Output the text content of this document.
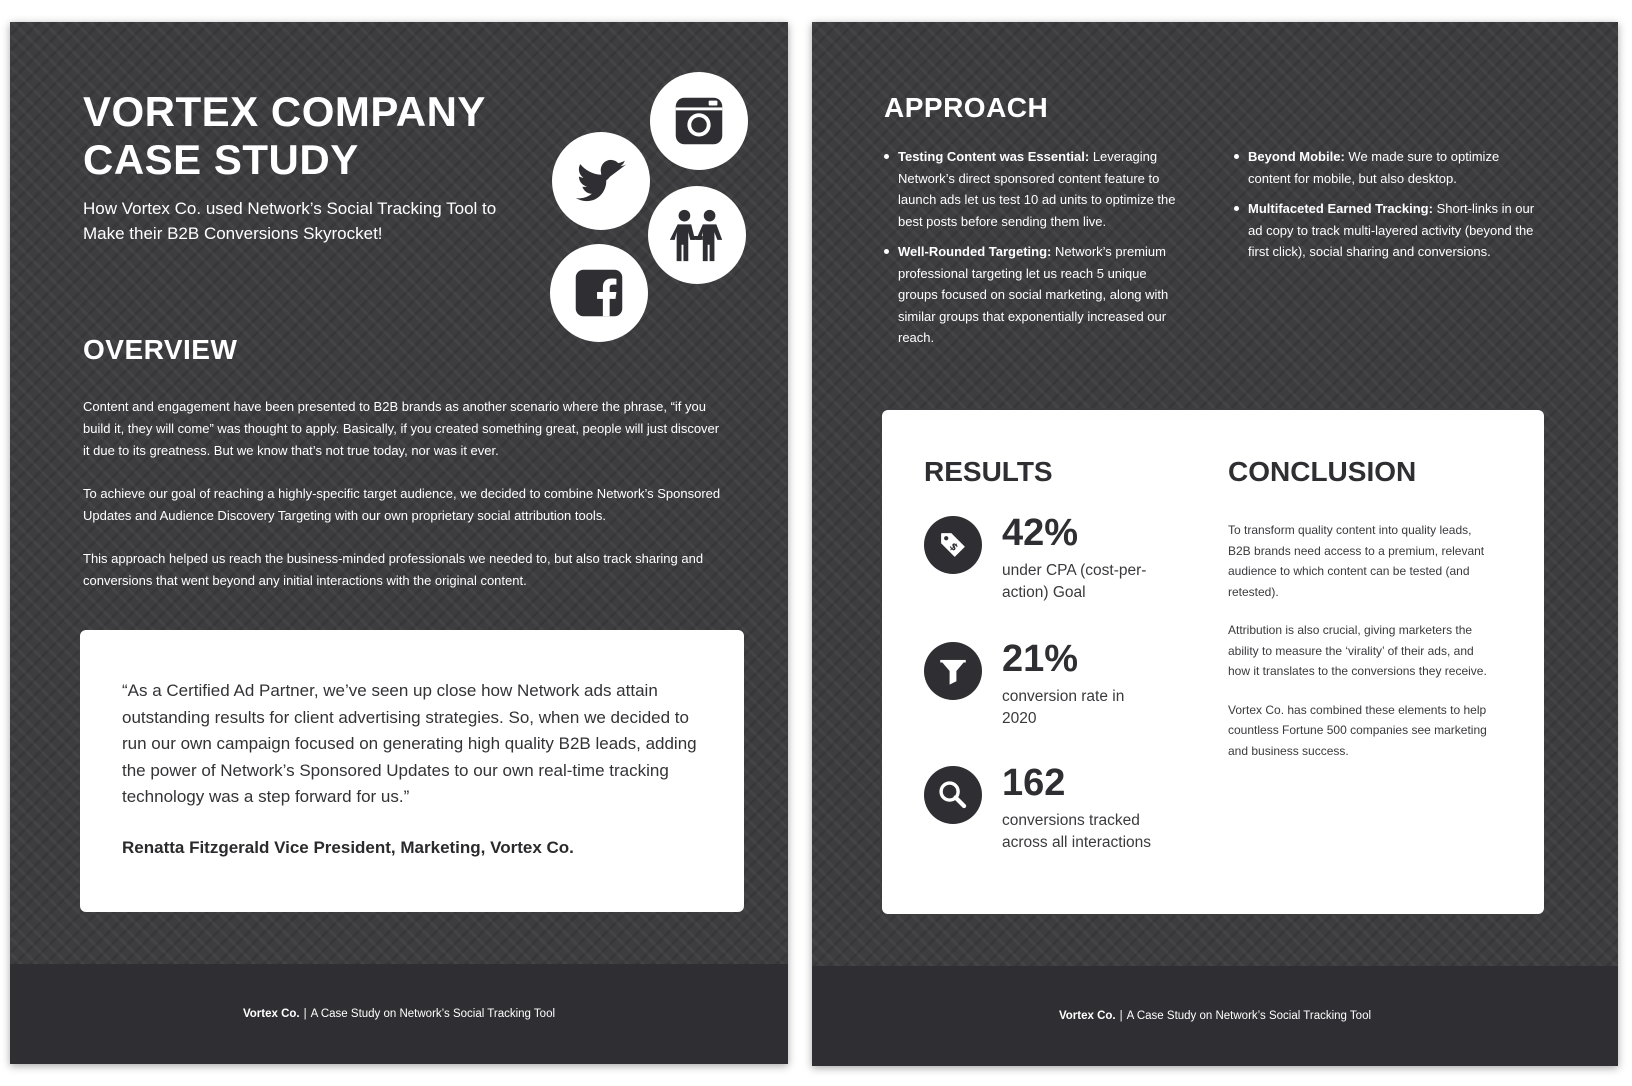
VORTEX COMPANY
CASE STUDY

How Vortex Co. used Network’s Social Tracking Tool to Make their B2B Conversions Skyrocket!

OVERVIEW

Content and engagement have been presented to B2B brands as another scenario where the phrase, “if you build it, they will come” was thought to apply. Basically, if you created something great, people will just discover it due to its greatness. But we know that’s not true today, nor was it ever.

To achieve our goal of reaching a highly-specific target audience, we decided to combine Network’s Sponsored Updates and Audience Discovery Targeting with our own proprietary social attribution tools.

This approach helped us reach the business-minded professionals we needed to, but also track sharing and conversions that went beyond any initial interactions with the original content.

“As a Certified Ad Partner, we’ve seen up close how Network ads attain outstanding results for client advertising strategies. So, when we decided to run our own campaign focused on generating high quality B2B leads, adding the power of Network’s Sponsored Updates to our own real-time tracking technology was a step forward for us.”

Renatta Fitzgerald Vice President, Marketing, Vortex Co.

Vortex Co. | A Case Study on Network’s Social Tracking Tool
APPROACH
Testing Content was Essential: Leveraging Network’s direct sponsored content feature to launch ads let us test 10 ad units to optimize the best posts before sending them live.
Well-Rounded Targeting: Network’s premium professional targeting let us reach 5 unique groups focused on social marketing, along with similar groups that exponentially increased our reach.
Beyond Mobile: We made sure to optimize content for mobile, but also desktop.
Multifaceted Earned Tracking: Short-links in our ad copy to track multi-layered activity (beyond the first click), social sharing and conversions.
RESULTS	CONCLUSION
$ 42%

under CPA (cost-per-action) Goal

21%

conversion rate in 2020

162

conversions tracked across all interactions

To transform quality content into quality leads, B2B brands need access to a premium, relevant audience to which content can be tested (and retested).

Attribution is also crucial, giving marketers the ability to measure the ‘virality’ of their ads, and how it translates to the conversions they receive.

Vortex Co. has combined these elements to help countless Fortune 500 companies see marketing and business success.

Vortex Co. | A Case Study on Network’s Social Tracking Tool
